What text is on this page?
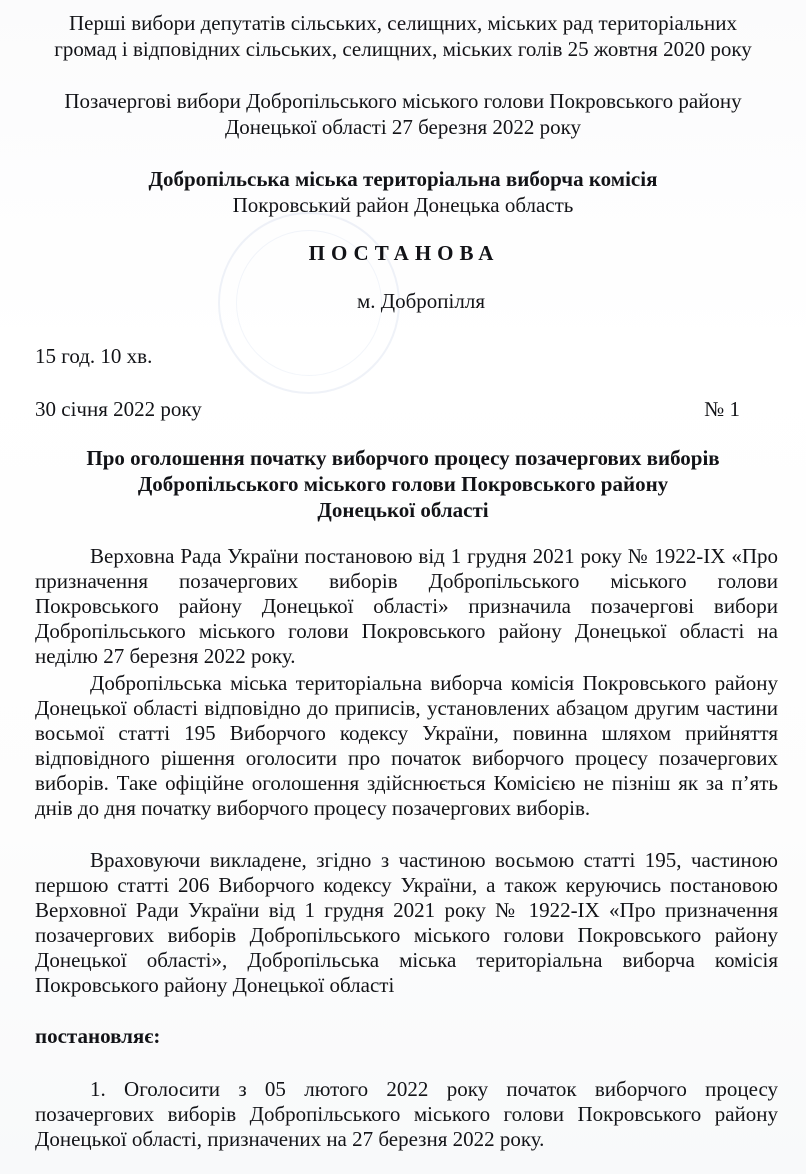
Перші вибори депутатів сільських, селищних, міських рад територіальних
громад і відповідних сільських, селищних, міських голів 25 жовтня 2020 року
Позачергові вибори Добропільського міського голови Покровського району
Донецької області 27 березня 2022 року
Добропільська міська територіальна виборча комісія
Покровський район Донецька область
ПОСТАНОВА
м. Добропілля
15 год. 10 хв.
30 січня 2022 року	№ 1
Про оголошення початку виборчого процесу позачергових виборів
Добропільського міського голови Покровського району
Донецької області

Верховна Рада України постановою від 1 грудня 2021 року № 1922-IX «Про призначення позачергових виборів Добропільського міського голови Покровського району Донецької області» призначила позачергові вибори Добропільського міського голови Покровського району Донецької області на неділю 27 березня 2022 року.

Добропільська міська територіальна виборча комісія Покровського району Донецької області відповідно до приписів, установлених абзацом другим частини восьмої статті 195 Виборчого кодексу України, повинна шляхом прийняття відповідного рішення оголосити про початок виборчого процесу позачергових виборів. Таке офіційне оголошення здійснюється Комісією не пізніш як за п’ять днів до дня початку виборчого процесу позачергових виборів.

Враховуючи викладене, згідно з частиною восьмою статті 195, частиною першою статті 206 Виборчого кодексу України, а також керуючись постановою Верховної Ради України від 1 грудня 2021 року № 1922-IX «Про призначення позачергових виборів Добропільського міського голови Покровського району Донецької області», Добропільська міська територіальна виборча комісія Покровського району Донецької області

постановляє:

1. Оголосити з 05 лютого 2022 року початок виборчого процесу позачергових виборів Добропільського міського голови Покровського району Донецької області, призначених на 27 березня 2022 року.
